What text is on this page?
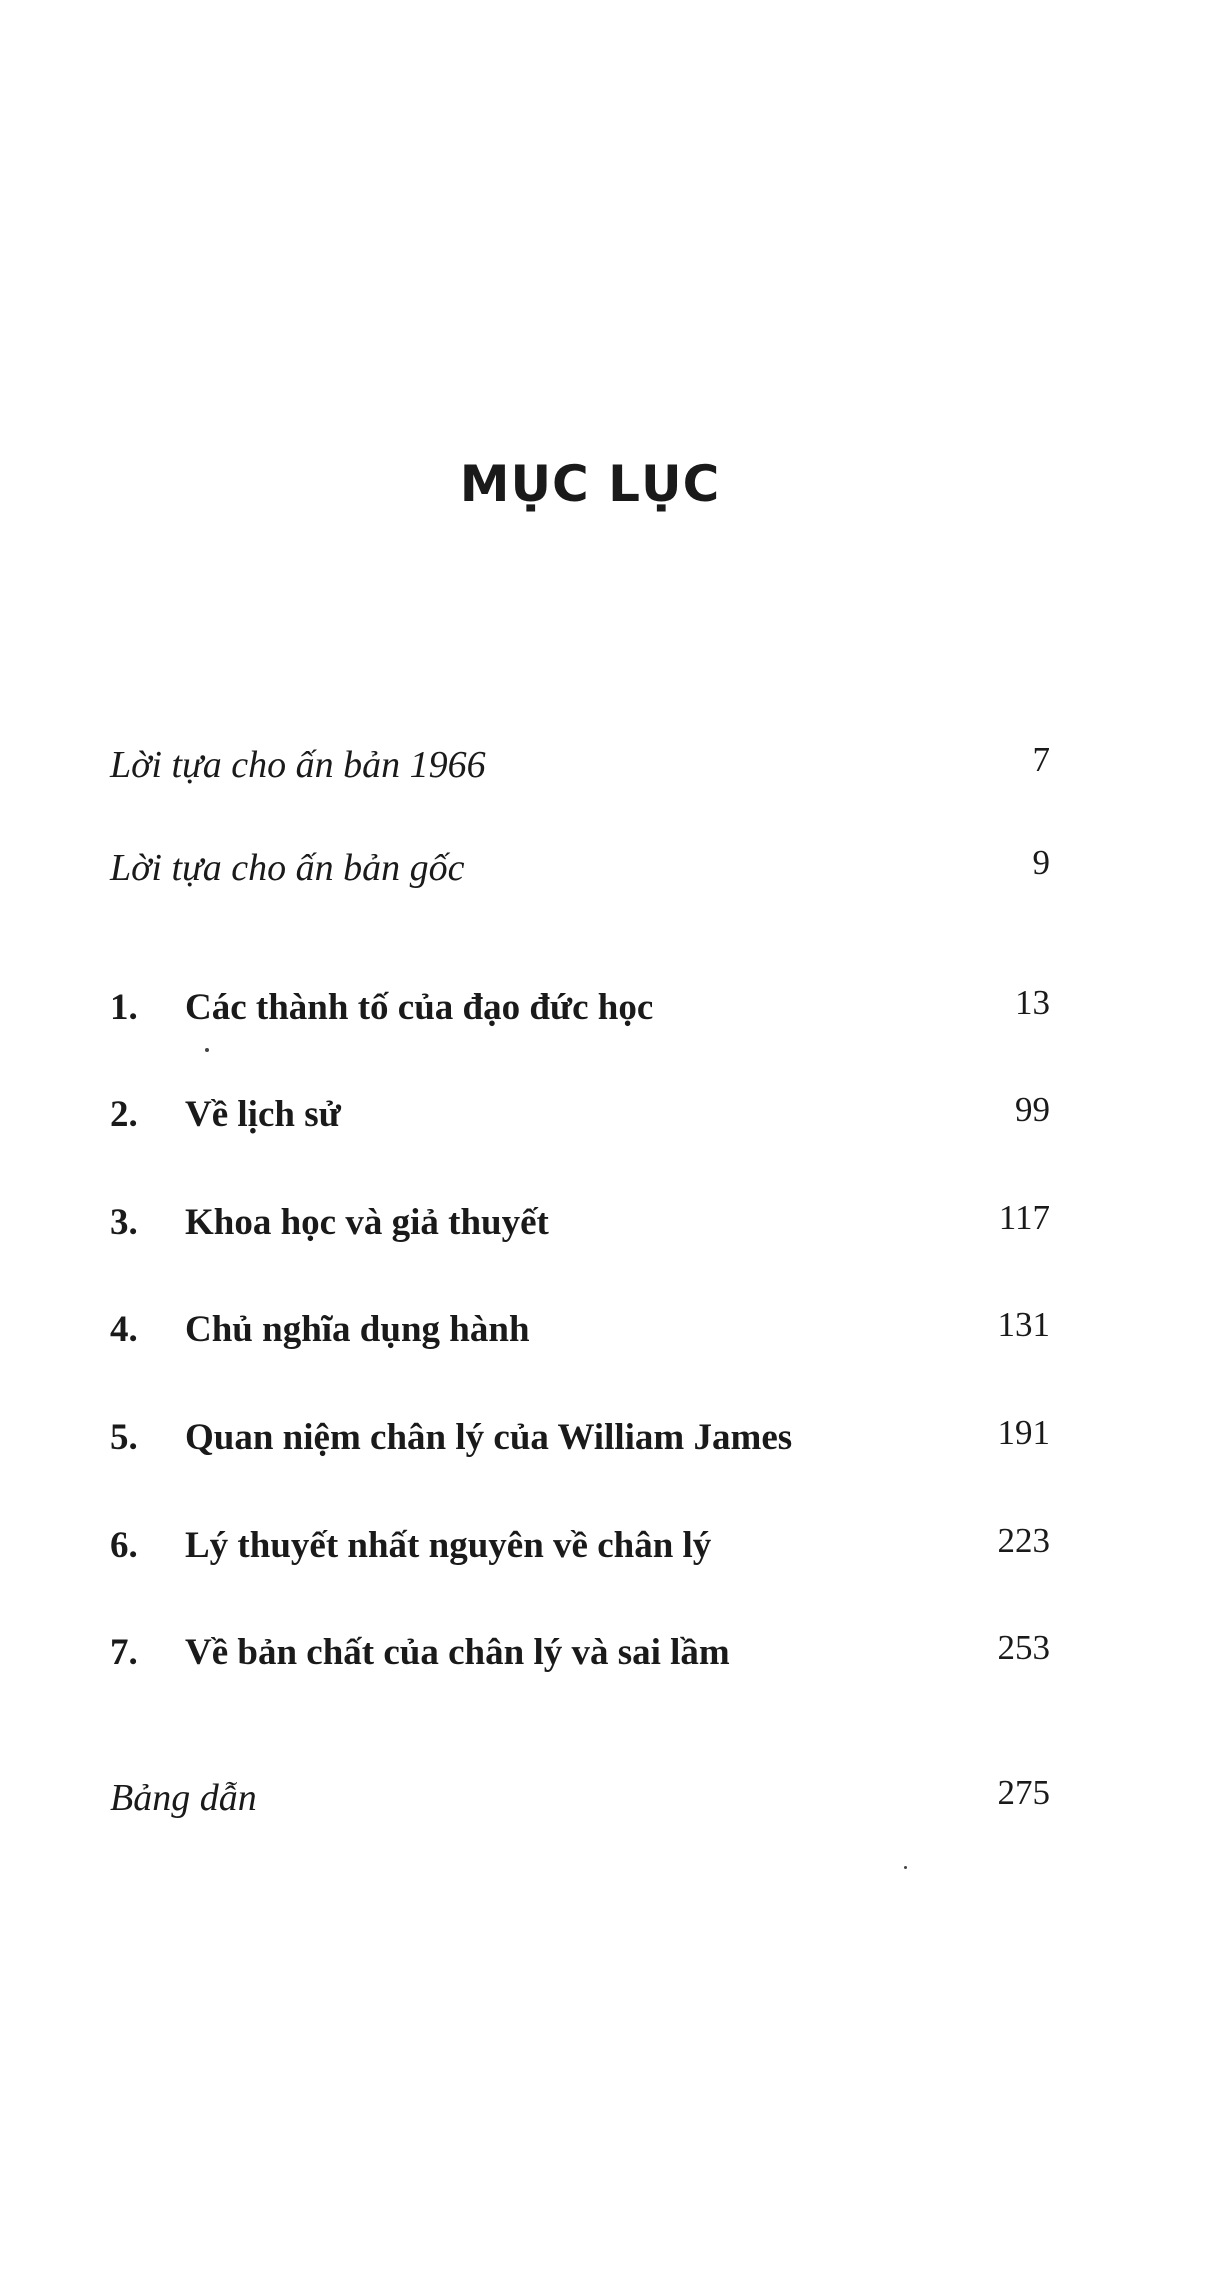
MỤC LỤC
Lời tựa cho ấn bản 1966	7
Lời tựa cho ấn bản gốc	9
1. Các thành tố của đạo đức học	13
2. Về lịch sử	99
3. Khoa học và giả thuyết	117
4. Chủ nghĩa dụng hành	131
5. Quan niệm chân lý của William James	191
6. Lý thuyết nhất nguyên về chân lý	223
7. Về bản chất của chân lý và sai lầm	253
Bảng dẫn	275
